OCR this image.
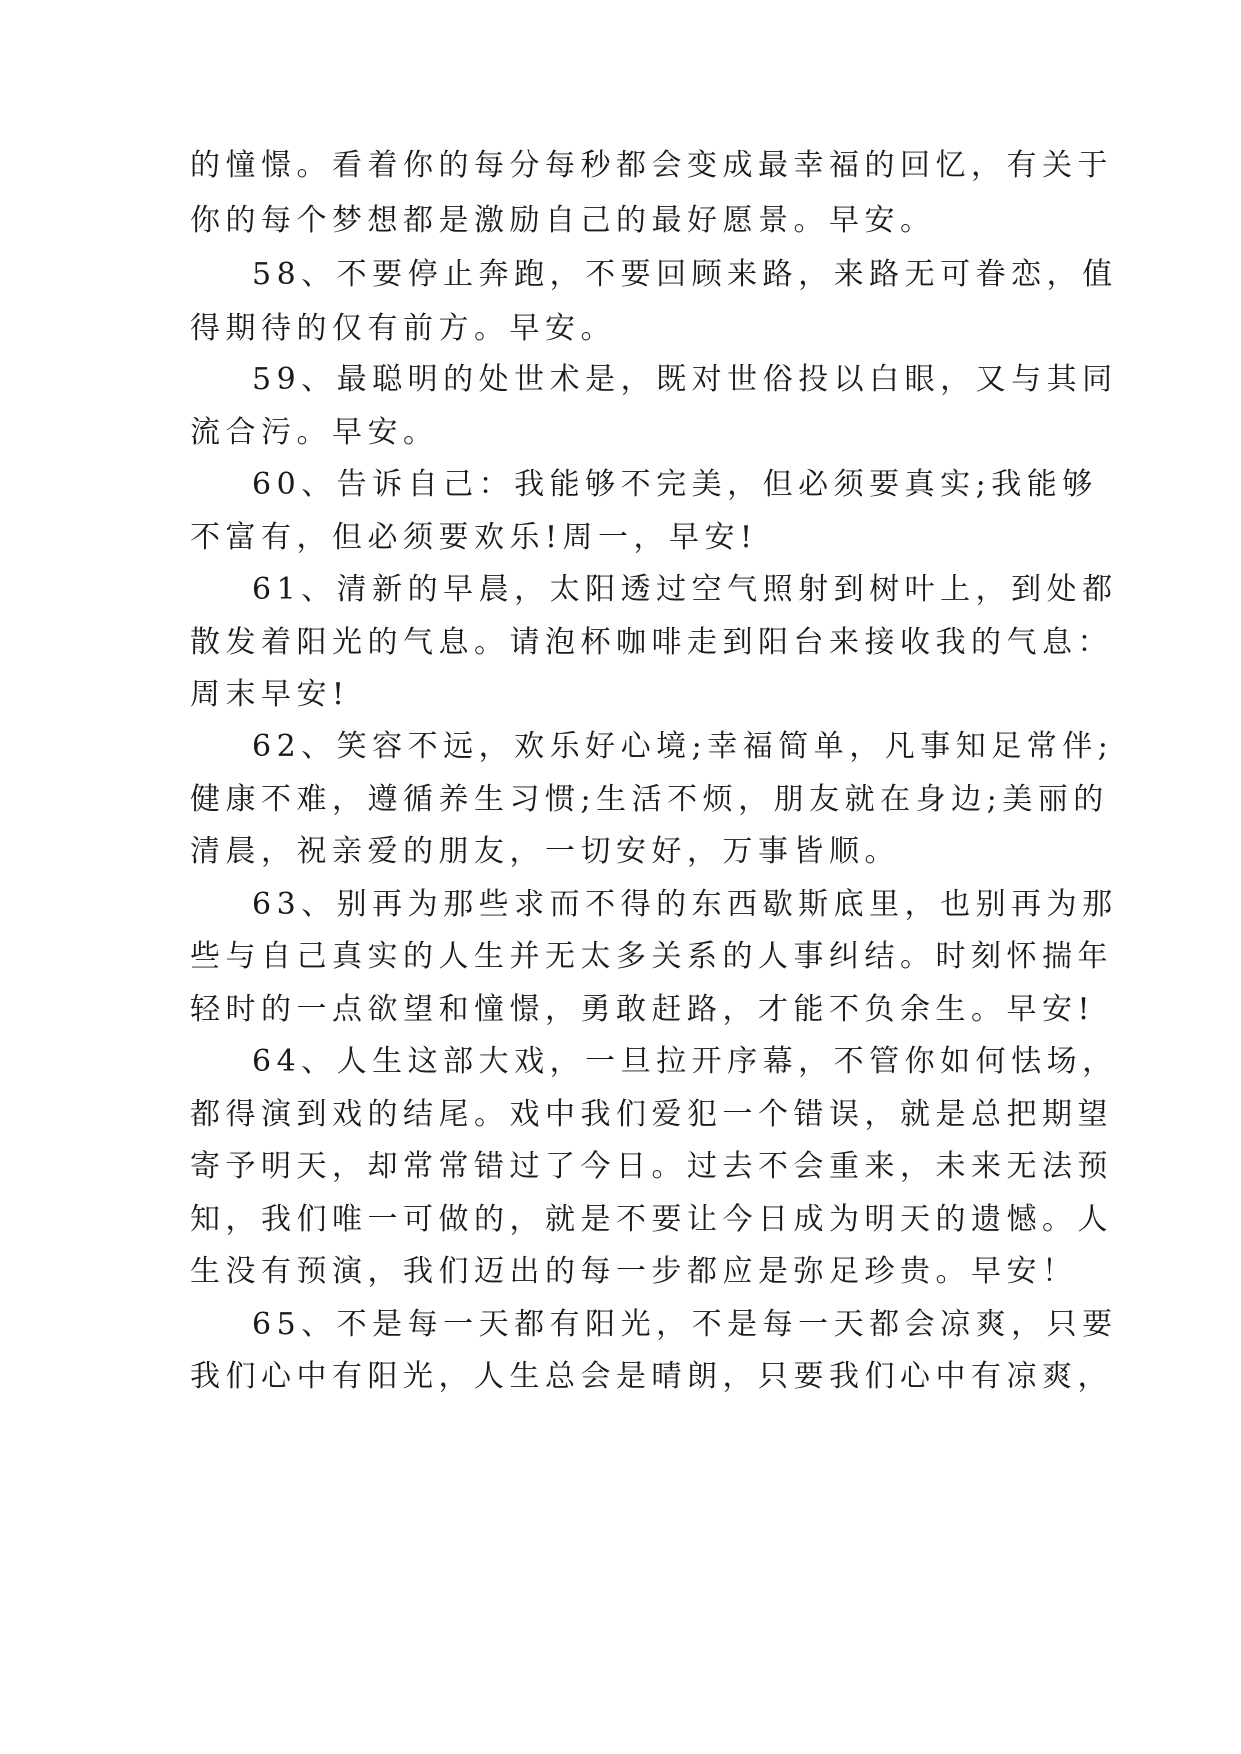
的憧憬。看着你的每分每秒都会变成最幸福的回忆，有关于
你的每个梦想都是激励自己的最好愿景。早安。
58、不要停止奔跑，不要回顾来路，来路无可眷恋，值
得期待的仅有前方。早安。
59、最聪明的处世术是，既对世俗投以白眼，又与其同
流合污。早安。
60、告诉自己：我能够不完美，但必须要真实;我能够
不富有，但必须要欢乐!周一，早安!
61、清新的早晨，太阳透过空气照射到树叶上，到处都
散发着阳光的气息。请泡杯咖啡走到阳台来接收我的气息：
周末早安!
62、笑容不远，欢乐好心境;幸福简单，凡事知足常伴;
健康不难，遵循养生习惯;生活不烦，朋友就在身边;美丽的
清晨，祝亲爱的朋友，一切安好，万事皆顺。
63、别再为那些求而不得的东西歇斯底里，也别再为那
些与自己真实的人生并无太多关系的人事纠结。时刻怀揣年
轻时的一点欲望和憧憬，勇敢赶路，才能不负余生。早安!
64、人生这部大戏，一旦拉开序幕，不管你如何怯场，
都得演到戏的结尾。戏中我们爱犯一个错误，就是总把期望
寄予明天，却常常错过了今日。过去不会重来，未来无法预
知，我们唯一可做的，就是不要让今日成为明天的遗憾。人
生没有预演，我们迈出的每一步都应是弥足珍贵。早安！
65、不是每一天都有阳光，不是每一天都会凉爽，只要
我们心中有阳光，人生总会是晴朗，只要我们心中有凉爽，
